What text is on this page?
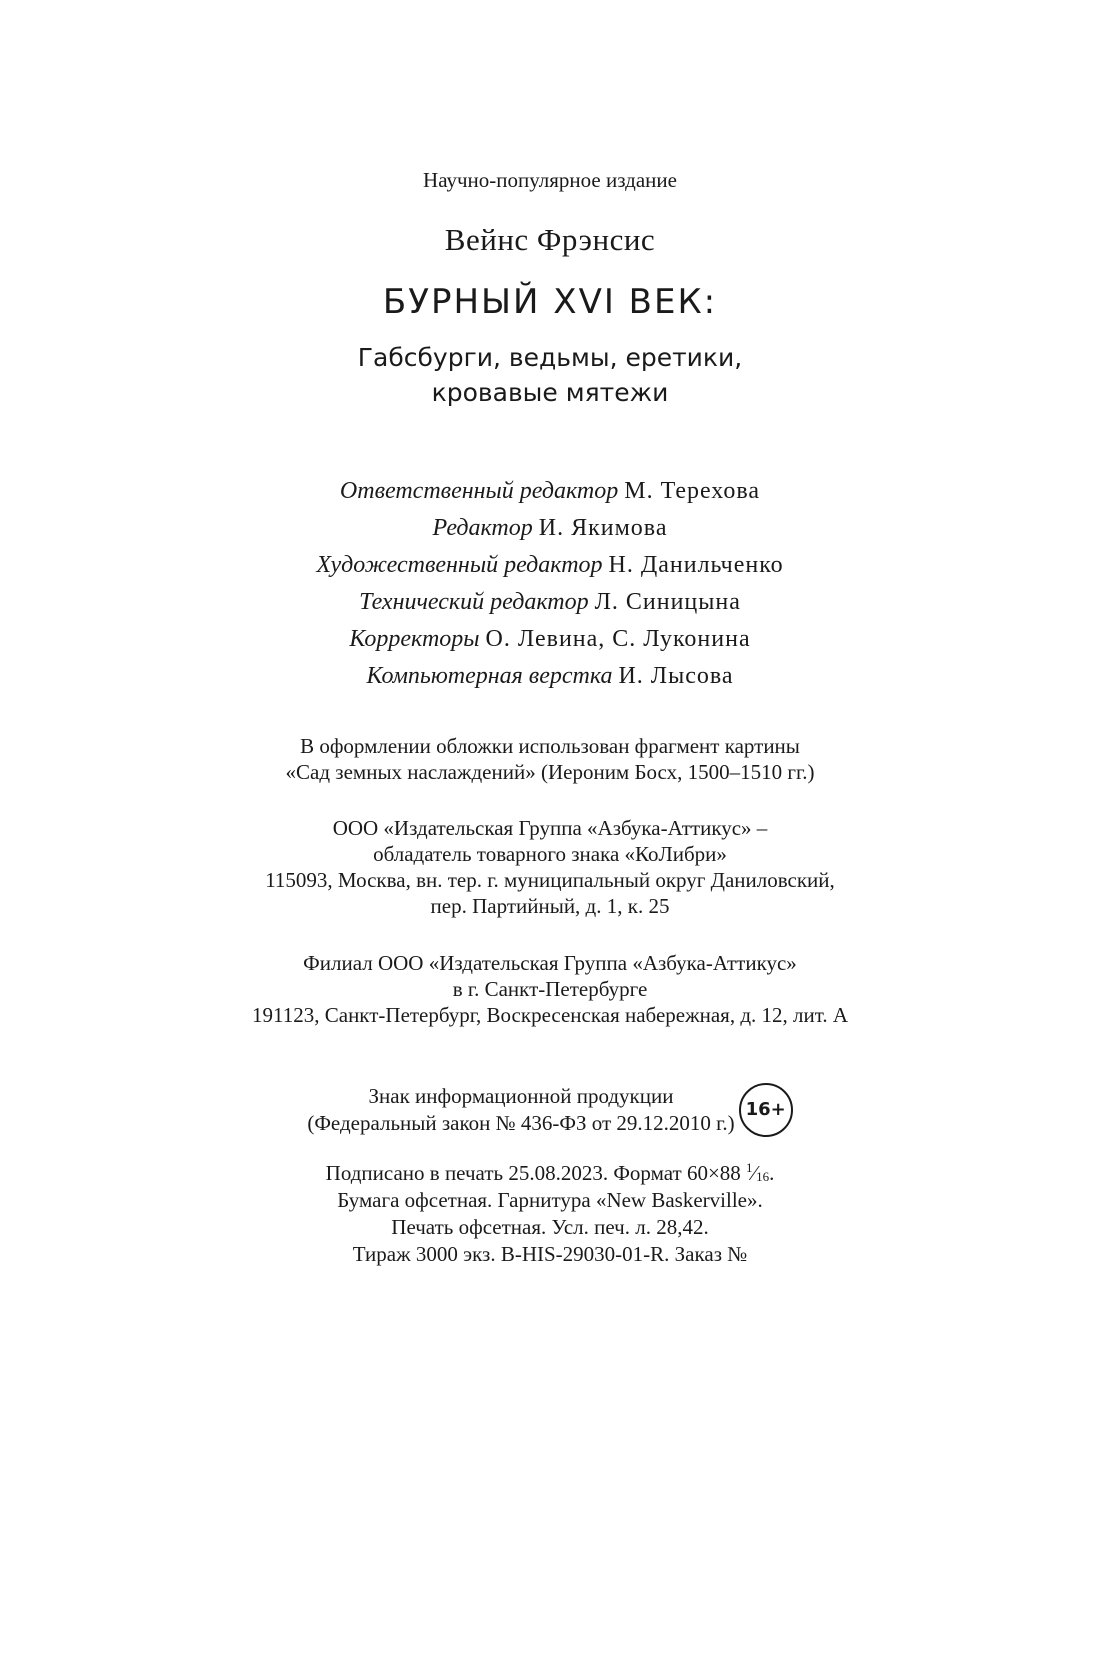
Научно-популярное издание
Вейнс Фрэнсис
БУРНЫЙ XVI ВЕК:
Габсбурги, ведьмы, еретики,
кровавые мятежи
Ответственный редактор М. Терехова
Редактор И. Якимова
Художественный редактор Н. Данильченко
Технический редактор Л. Синицына
Корректоры О. Левина, С. Луконина
Компьютерная верстка И. Лысова
В оформлении обложки использован фрагмент картины
«Сад земных наслаждений» (Иероним Босх, 1500–1510 гг.)
ООО «Издательская Группа «Азбука-Аттикус» –
обладатель товарного знака «КоЛибри»
115093, Москва, вн. тер. г. муниципальный округ Даниловский,
пер. Партийный, д. 1, к. 25
Филиал ООО «Издательская Группа «Азбука-Аттикус»
в г. Санкт-Петербурге
191123, Санкт-Петербург, Воскресенская набережная, д. 12, лит. А
Знак информационной продукции
(Федеральный закон № 436-ФЗ от 29.12.2010 г.)
16+
Подписано в печать 25.08.2023. Формат 60×88 $^1⁄_{16}$.
Бумага офсетная. Гарнитура «New Baskerville».
Печать офсетная. Усл. печ. л. 28,42.
Тираж 3000 экз. B-HIS-29030-01-R. Заказ №
